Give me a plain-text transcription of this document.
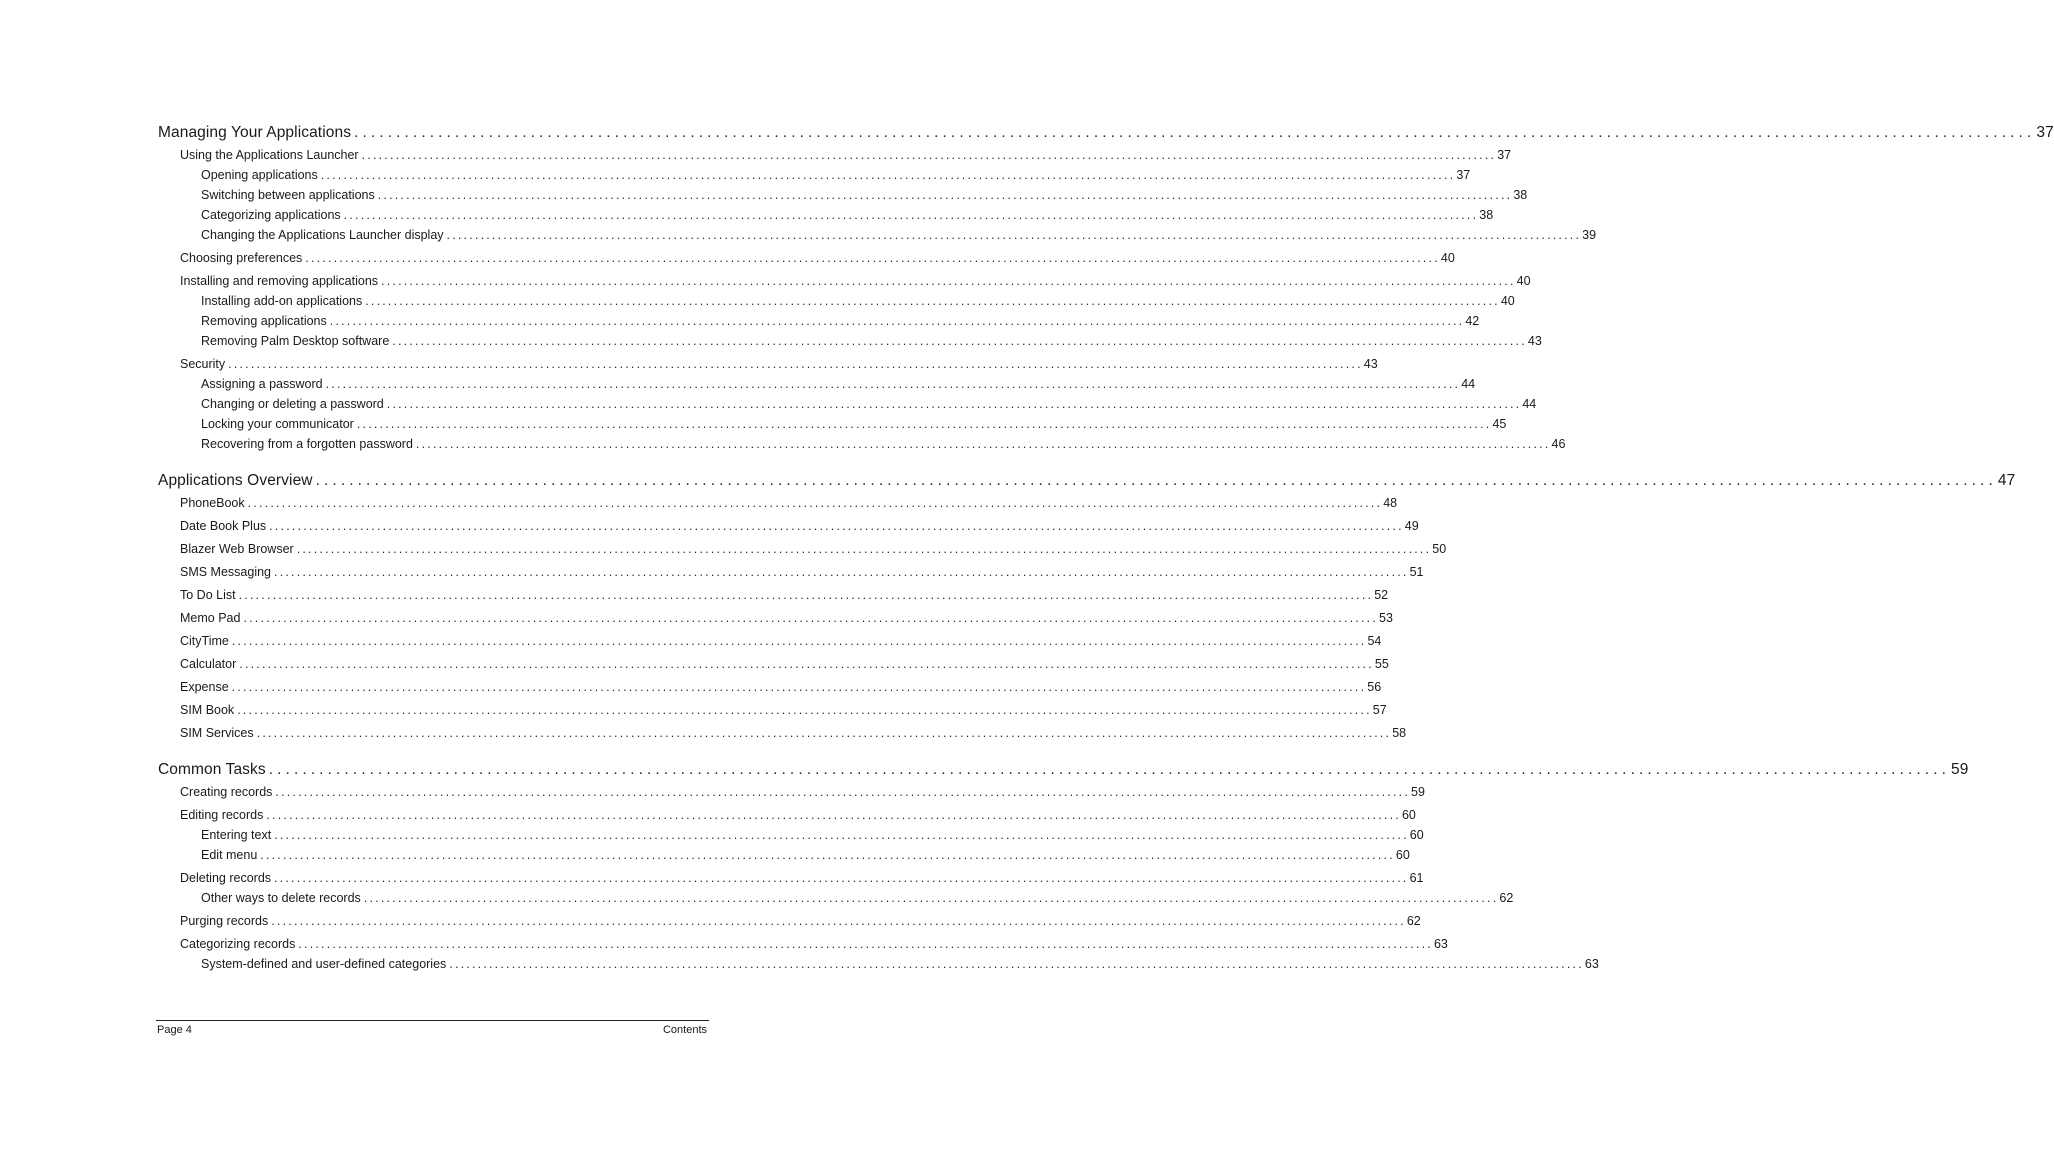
Managing Your Applications ........................................................................................................................................................................................................ 37
Using the Applications Launcher ........................................................................................................................................................................................................ 37
Opening applications ........................................................................................................................................................................................................ 37
Switching between applications ........................................................................................................................................................................................................ 38
Categorizing applications ........................................................................................................................................................................................................ 38
Changing the Applications Launcher display ........................................................................................................................................................................................................ 39
Choosing preferences ........................................................................................................................................................................................................ 40
Installing and removing applications ........................................................................................................................................................................................................ 40
Installing add-on applications ........................................................................................................................................................................................................ 40
Removing applications ........................................................................................................................................................................................................ 42
Removing Palm Desktop software ........................................................................................................................................................................................................ 43
Security ........................................................................................................................................................................................................ 43
Assigning a password ........................................................................................................................................................................................................ 44
Changing or deleting a password ........................................................................................................................................................................................................ 44
Locking your communicator ........................................................................................................................................................................................................ 45
Recovering from a forgotten password ........................................................................................................................................................................................................ 46
Applications Overview ........................................................................................................................................................................................................ 47
PhoneBook ........................................................................................................................................................................................................ 48
Date Book Plus ........................................................................................................................................................................................................ 49
Blazer Web Browser ........................................................................................................................................................................................................ 50
SMS Messaging ........................................................................................................................................................................................................ 51
To Do List ........................................................................................................................................................................................................ 52
Memo Pad ........................................................................................................................................................................................................ 53
CityTime ........................................................................................................................................................................................................ 54
Calculator ........................................................................................................................................................................................................ 55
Expense ........................................................................................................................................................................................................ 56
SIM Book ........................................................................................................................................................................................................ 57
SIM Services ........................................................................................................................................................................................................ 58
Common Tasks ........................................................................................................................................................................................................ 59
Creating records ........................................................................................................................................................................................................ 59
Editing records ........................................................................................................................................................................................................ 60
Entering text ........................................................................................................................................................................................................ 60
Edit menu ........................................................................................................................................................................................................ 60
Deleting records ........................................................................................................................................................................................................ 61
Other ways to delete records ........................................................................................................................................................................................................ 62
Purging records ........................................................................................................................................................................................................ 62
Categorizing records ........................................................................................................................................................................................................ 63
System-defined and user-defined categories ........................................................................................................................................................................................................ 63
Page 4	Contents
